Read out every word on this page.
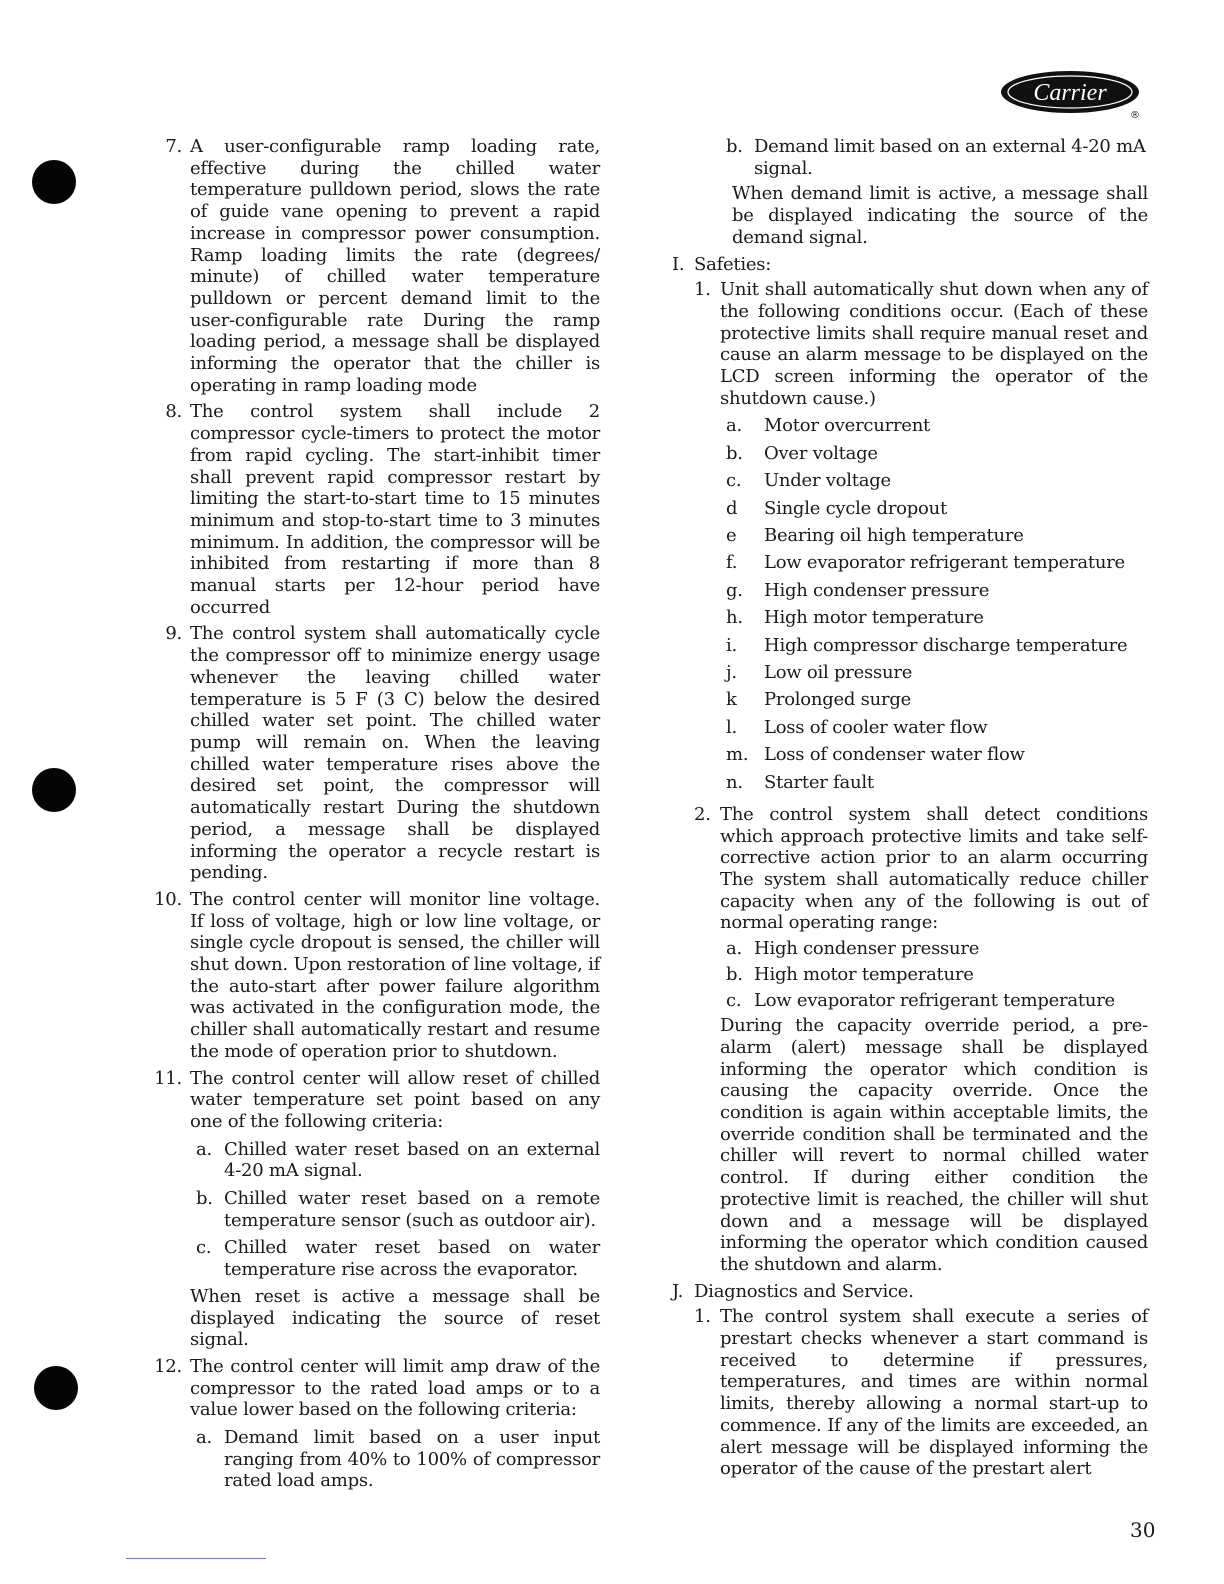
Carrier
®
7. A user-configurable ramp loading rate, effective during the chilled water temperature pulldown period, slows the rate of guide vane opening to prevent a rapid increase in compressor power consumption. Ramp loading limits the rate (degrees/ minute) of chilled water temperature pulldown or percent demand limit to the user-configurable rate During the ramp loading period, a message shall be displayed informing the operator that the chiller is operating in ramp loading mode
8. The control system shall include 2 compressor cycle-timers to protect the motor from rapid cycling. The start-inhibit timer shall prevent rapid compressor restart by limiting the start-to-start time to 15 minutes minimum and stop-to-start time to 3 minutes minimum. In addition, the compressor will be inhibited from restarting if more than 8 manual starts per 12-hour period have occurred
9. The control system shall automatically cycle the compressor off to minimize energy usage whenever the leaving chilled water temperature is 5 F (3 C) below the desired chilled water set point. The chilled water pump will remain on. When the leaving chilled water temperature rises above the desired set point, the compressor will automatically restart During the shutdown period, a message shall be displayed informing the operator a recycle restart is pending.
10. The control center will monitor line voltage. If loss of voltage, high or low line voltage, or single cycle dropout is sensed, the chiller will shut down. Upon restoration of line voltage, if the auto-start after power failure algorithm was activated in the configuration mode, the chiller shall automatically restart and resume the mode of operation prior to shutdown.
11. The control center will allow reset of chilled water temperature set point based on any one of the following criteria:
a. Chilled water reset based on an external 4-20 mA signal.
b. Chilled water reset based on a remote temperature sensor (such as outdoor air).
c. Chilled water reset based on water temperature rise across the evaporator.
When reset is active a message shall be displayed indicating the source of reset signal.
12. The control center will limit amp draw of the compressor to the rated load amps or to a value lower based on the following criteria:
a. Demand limit based on a user input ranging from 40% to 100% of compressor rated load amps.
b. Demand limit based on an external 4-20 mA signal.
When demand limit is active, a message shall be displayed indicating the source of the demand signal.
I. Safeties:
1. Unit shall automatically shut down when any of the following conditions occur. (Each of these protective limits shall require manual reset and cause an alarm message to be displayed on the LCD screen informing the operator of the shutdown cause.)
a.	Motor overcurrent
b.	Over voltage
c.	Under voltage
d	Single cycle dropout
e	Bearing oil high temperature
f.	Low evaporator refrigerant temperature
g.	High condenser pressure
h.	High motor temperature
i.	High compressor discharge temperature
j.	Low oil pressure
k	Prolonged surge
l.	Loss of cooler water flow
m. Loss of condenser water flow
n.	Starter fault
2. The control system shall detect conditions which approach protective limits and take self-corrective action prior to an alarm occurring The system shall automatically reduce chiller capacity when any of the following is out of normal operating range:
a. High condenser pressure
b. High motor temperature
c. Low evaporator refrigerant temperature
During the capacity override period, a pre-alarm (alert) message shall be displayed informing the operator which condition is causing the capacity override. Once the condition is again within acceptable limits, the override condition shall be terminated and the chiller will revert to normal chilled water control. If during either condition the protective limit is reached, the chiller will shut down and a message will be displayed informing the operator which condition caused the shutdown and alarm.
J. Diagnostics and Service.
1. The control system shall execute a series of prestart checks whenever a start command is received to determine if pressures, temperatures, and times are within normal limits, thereby allowing a normal start-up to commence. If any of the limits are exceeded, an alert message will be displayed informing the operator of the cause of the prestart alert
30
